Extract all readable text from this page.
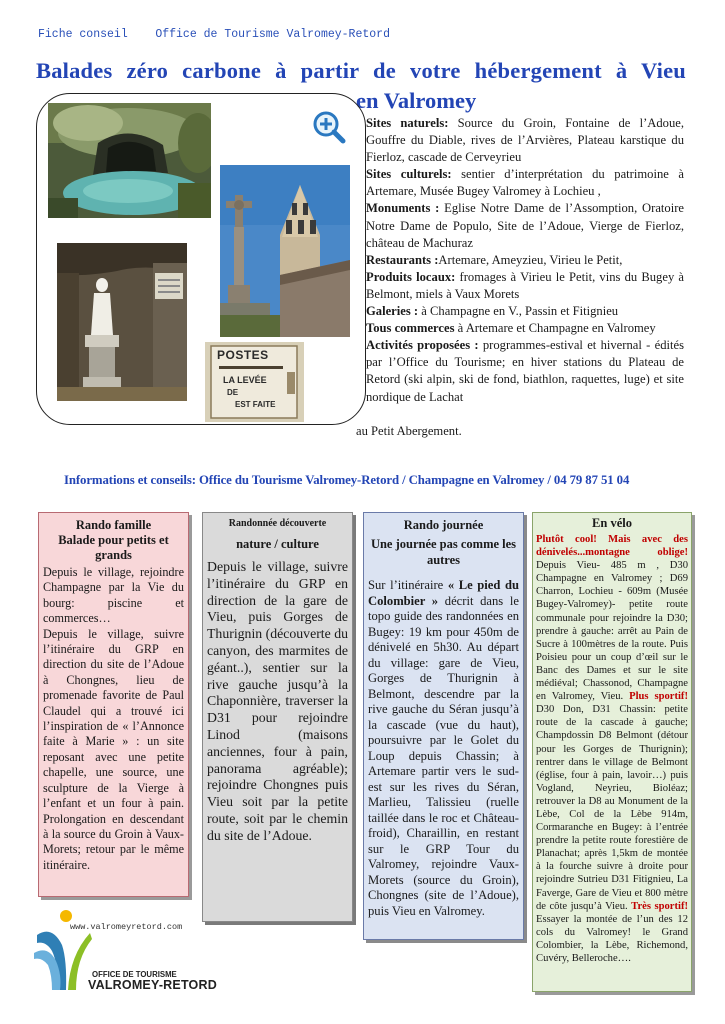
Fiche conseil Office de Tourisme Valromey-Retord
Balades zéro carbone à partir de votre hébergement à Vieu
en Valromey
POSTES
LA LEVÉE
DE
EST FAITE

Sites naturels: Source du Groin, Fontaine de l’Adoue, Gouffre du Diable, rives de l’Arvières, Plateau karstique du Fierloz, cascade de Cerveyrieu

Sites culturels: sentier d’interprétation du patrimoine à Artemare, Musée Bugey Valromey à Lochieu ,

Monuments : Eglise Notre Dame de l’Assomption, Oratoire Notre Dame de Populo, Site de l’Adoue, Vierge de Fierloz, château de Machuraz

Restaurants :Artemare, Ameyzieu, Virieu le Petit,

Produits locaux: fromages à Virieu le Petit, vins du Bugey à Belmont, miels à Vaux Morets

Galeries : à Champagne en V., Passin et Fitignieu

Tous commerces à Artemare et Champagne en Valromey

Activités proposées : programmes-estival et hivernal - édités par l’Office du Tourisme; en hiver stations du Plateau de Retord (ski alpin, ski de fond, biathlon, raquettes, luge) et site nordique de Lachat

au Petit Abergement.
Informations et conseils: Office du Tourisme Valromey-Retord / Champagne en Valromey / 04 79 87 51 04
Rando famille
Balade pour petits et grands

Depuis le village, rejoindre Champagne par la Vie du bourg: piscine et commerces…

Depuis le village, suivre l’itinéraire du GRP en direction du site de l’Adoue à Chongnes, lieu de promenade favorite de Paul Claudel qui a trouvé ici l’inspiration de « l’Annonce faite à Marie » : un site reposant avec une petite chapelle, une source, une sculpture de la Vierge à l’enfant et un four à pain. Prolongation en descendant à la source du Groin à Vaux-Morets; retour par le même itinéraire.

Randonnée découverte
nature / culture

Depuis le village, suivre l’itinéraire du GRP en direction de la gare de Vieu, puis Gorges de Thurignin (découverte du canyon, des marmites de géant..), sentier sur la rive gauche jusqu’à la Chaponnière, traverser la D31 pour rejoindre Linod (maisons anciennes, four à pain, panorama agréable); rejoindre Chongnes puis Vieu soit par la petite route, soit par le chemin du site de l’Adoue.

Rando journée
Une journée pas comme les autres

Sur l’itinéraire « Le pied du Colombier » décrit dans le topo guide des randonnées en Bugey: 19 km pour 450m de dénivelé en 5h30. Au départ du village: gare de Vieu, Gorges de Thurignin à Belmont, descendre par la rive gauche du Séran jusqu’à la cascade (vue du haut), poursuivre par le Golet du Loup depuis Chassin; à Artemare partir vers le sud-est sur les rives du Séran, Marlieu, Talissieu (ruelle taillée dans le roc et Château-froid), Charaillin, en restant sur le GRP Tour du Valromey, rejoindre Vaux-Morets (source du Groin), Chongnes (site de l’Adoue), puis Vieu en Valromey.

En vélo

Plutôt cool! Mais avec des dénivelés...montagne oblige! Depuis Vieu- 485 m , D30 Champagne en Valromey ; D69 Charron, Lochieu - 609m (Musée Bugey-Valromey)- petite route communale pour rejoindre la D30; prendre à gauche: arrêt au Pain de Sucre à 100mètres de la route. Puis Poisieu pour un coup d’œil sur le Banc des Dames et sur le site médiéval; Chassonod, Champagne en Valromey, Vieu. Plus sportif! D30 Don, D31 Chassin: petite route de la cascade à gauche; Champdossin D8 Belmont (détour pour les Gorges de Thurignin); rentrer dans le village de Belmont (église, four à pain, lavoir…) puis Vogland, Neyrieu, Bioléaz; retrouver la D8 au Monument de la Lèbe, Col de la Lèbe 914m, Cormaranche en Bugey: à l’entrée prendre la petite route forestière de Planachat; après 1,5km de montée à la fourche suivre à droite pour rejoindre Sutrieu D31 Fitignieu, La Faverge, Gare de Vieu et 800 mètre de côte jusqu’à Vieu. Très sportif! Essayer la montée de l’un des 12 cols du Valromey! le Grand Colombier, la Lèbe, Richemond, Cuvéry, Belleroche….

www.valromeyretord.com
OFFICE DE TOURISME
VALROMEY-RETORD
